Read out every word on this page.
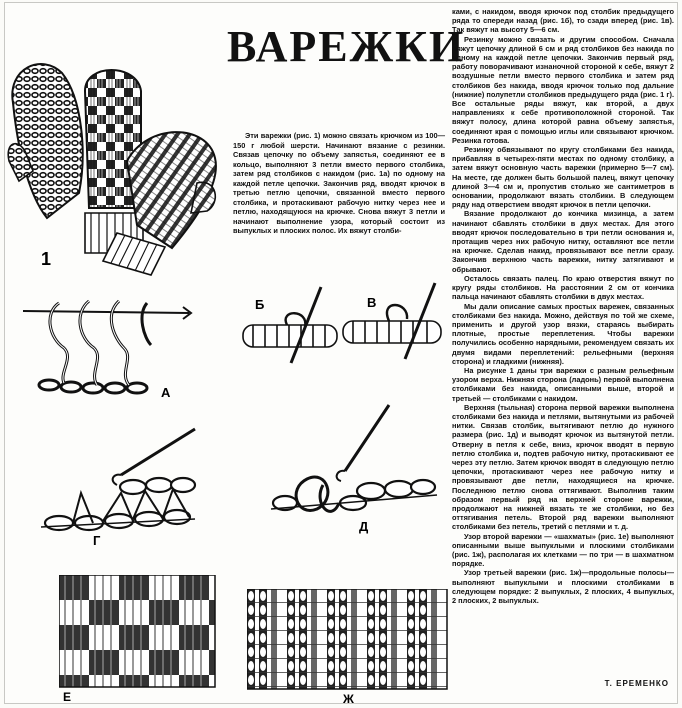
ВАРЕЖКИ
1
Эти варежки (рис. 1) можно связать крючком из 100—150 г любой шерсти. Начинают вязание с резинки. Связав цепочку по объему запястья, соединяют ее в кольцо, выполняют 3 петли вместо первого столбика, затем ряд столбиков с накидом (рис. 1а) по одному на каждой петле цепочки. Закончив ряд, вводят крючок в третью петлю цепочки, связанной вместо первого столбика, и протаскивают рабочую нитку через нее и петлю, находящуюся на крючке. Снова вяжут 3 петли и начинают выполнение узора, который состоит из выпуклых и плоских полос. Их вяжут столби-
А
Б	В
Г
Д
Е	Ж

ками, с накидом, вводя крючок под столбик предыдущего ряда то спереди назад (рис. 1б), то сзади вперед (рис. 1в). Так вяжут на высоту 5—6 см.

Резинку можно связать и другим способом. Сначала вяжут цепочку длиной 6 см и ряд столбиков без накида по одному на каждой петле цепочки. Закончив первый ряд, работу поворачивают изнаночной стороной к себе, вяжут 2 воздушные петли вместо первого столбика и затем ряд столбиков без накида, вводя крючок только под дальние (нижние) полупетли столбиков предыдущего ряда (рис. 1 г). Все остальные ряды вяжут, как второй, а двух направлениях к себе противоположной стороной. Так вяжут полосу, длина которой равна объему запястья, соединяют края с помощью иглы или связывают крючком. Резинка готова.

Резинку обвязывают по кругу столбиками без накида, прибавляя в четырех-пяти местах по одному столбику, а затем вяжут основную часть варежки (примерно 5—7 см). На месте, где должен быть большой палец, вяжут цепочку длиной 3—4 см и, пропустив столько же сантиметров в основании, продолжают вязать столбики. В следующем ряду над отверстием вводят крючок в петли цепочки.

Вязание продолжают до кончика мизинца, а затем начинают сбавлять столбики в двух местах. Для этого вводят крючок последовательно в три петли основания и, протащив через них рабочую нитку, оставляют все петли на крючке. Сделав накид, провязывают все петли сразу. Закончив верхнюю часть варежки, нитку затягивают и обрывают.

Осталось связать палец. По краю отверстия вяжут по кругу ряды столбиков. На расстоянии 2 см от кончика пальца начинают сбавлять столбики в двух местах.

Мы дали описание самых простых варежек, связанных столбиками без накида. Можно, действуя по той же схеме, применить и другой узор вязки, стараясь выбирать плотные, простые переплетения. Чтобы варежки получились особенно нарядными, рекомендуем связать их двумя видами переплетений: рельефными (верхняя сторона) и гладкими (нижняя).

На рисунке 1 даны три варежки с разным рельефным узором верха. Нижняя сторона (ладонь) первой выполнена столбиками без накида, описанными выше, второй и третьей — столбиками с накидом.

Верхняя (тыльная) сторона первой варежки выполнена столбиками без накида и петлями, вытянутыми из рабочей нитки. Связав столбик, вытягивают петлю до нужного размера (рис. 1д) и выводят крючок из вытянутой петли. Отверну в петля к себе, вниз, крючок вводят в первую петлю столбика и, подтев рабочую нитку, протаскивают ее через эту петлю. Затем крючок вводят в следующую петлю цепочки, протаскивают через нее рабочую нитку и провязывают две петли, находящиеся на крючке. Последнюю петлю снова оттягивают. Выполнив таким образом первый ряд на верхней стороне варежки, продолжают на нижней вязать те же столбики, но без оттягивания петель. Второй ряд варежки выполняют столбиками без петель, третий с петлями и т. д.

Узор второй варежки — «шахматы» (рис. 1е) выполняют описанными выше выпуклыми и плоскими столбиками (рис. 1ж), располагая их клетками — по три — в шахматном порядке.

Узор третьей варежки (рис. 1ж)—продольные полосы—выполняют выпуклыми и плоскими столбиками в следующем порядке: 2 выпуклых, 2 плоских, 4 выпуклых, 2 плоских, 2 выпуклых.

Т. ЕРЕМЕНКО
